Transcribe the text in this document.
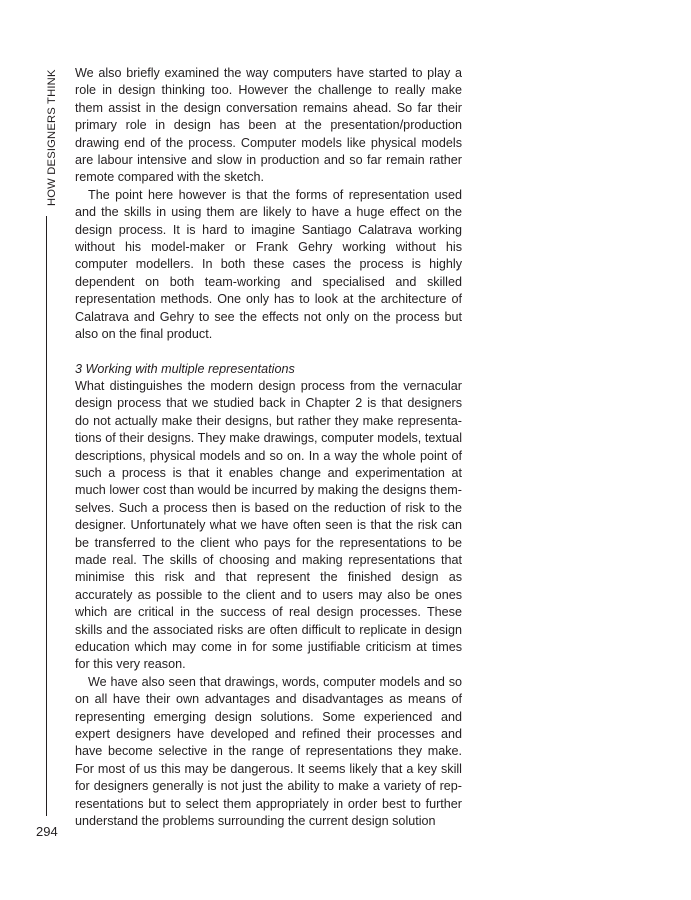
HOW DESIGNERS THINK
294

We also briefly examined the way computers have started to play a role in design thinking too. However the challenge to really make them assist in the design conversation remains ahead. So far their primary role in design has been at the presentation/production drawing end of the process. Computer models like physical models are labour intensive and slow in production and so far remain rather remote compared with the sketch.

The point here however is that the forms of representation used and the skills in using them are likely to have a huge effect on the design process. It is hard to imagine Santiago Calatrava working without his model-maker or Frank Gehry working without his computer modellers. In both these cases the process is highly dependent on both team-working and specialised and skilled representation methods. One only has to look at the architecture of Calatrava and Gehry to see the effects not only on the process but also on the final product.

3 Working with multiple representations

What distinguishes the modern design process from the vernacular design process that we studied back in Chapter 2 is that designers do not actually make their designs, but rather they make representations of their designs. They make drawings, computer models, textual descriptions, physical models and so on. In a way the whole point of such a process is that it enables change and experimentation at much lower cost than would be incurred by making the designs themselves. Such a process then is based on the reduction of risk to the designer. Unfortunately what we have often seen is that the risk can be transferred to the client who pays for the representations to be made real. The skills of choosing and making representations that minimise this risk and that represent the finished design as accurately as possible to the client and to users may also be ones which are critical in the success of real design processes. These skills and the associated risks are often difficult to replicate in design education which may come in for some justifiable criticism at times for this very reason.

We have also seen that drawings, words, computer models and so on all have their own advantages and disadvantages as means of representing emerging design solutions. Some experienced and expert designers have developed and refined their processes and have become selective in the range of representations they make. For most of us this may be dangerous. It seems likely that a key skill for designers generally is not just the ability to make a variety of representations but to select them appropriately in order best to further understand the problems surrounding the current design solution
